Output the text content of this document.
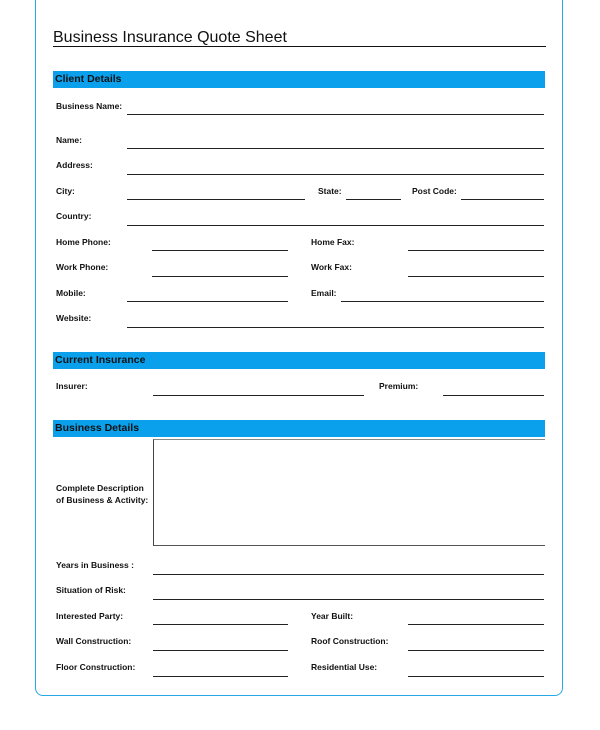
Business Insurance Quote Sheet
Client Details
Business Name:
Name:
Address:
City:	State:	Post Code:
Country:
Home Phone:	Home Fax:
Work Phone:	Work Fax:
Mobile:	Email:
Website:
Current Insurance
Insurer:	Premium:
Business Details
Complete Description
of Business & Activity:
Years in Business :
Situation of Risk:
Interested Party:	Year Built:
Wall Construction:	Roof Construction:
Floor Construction:	Residential Use:
